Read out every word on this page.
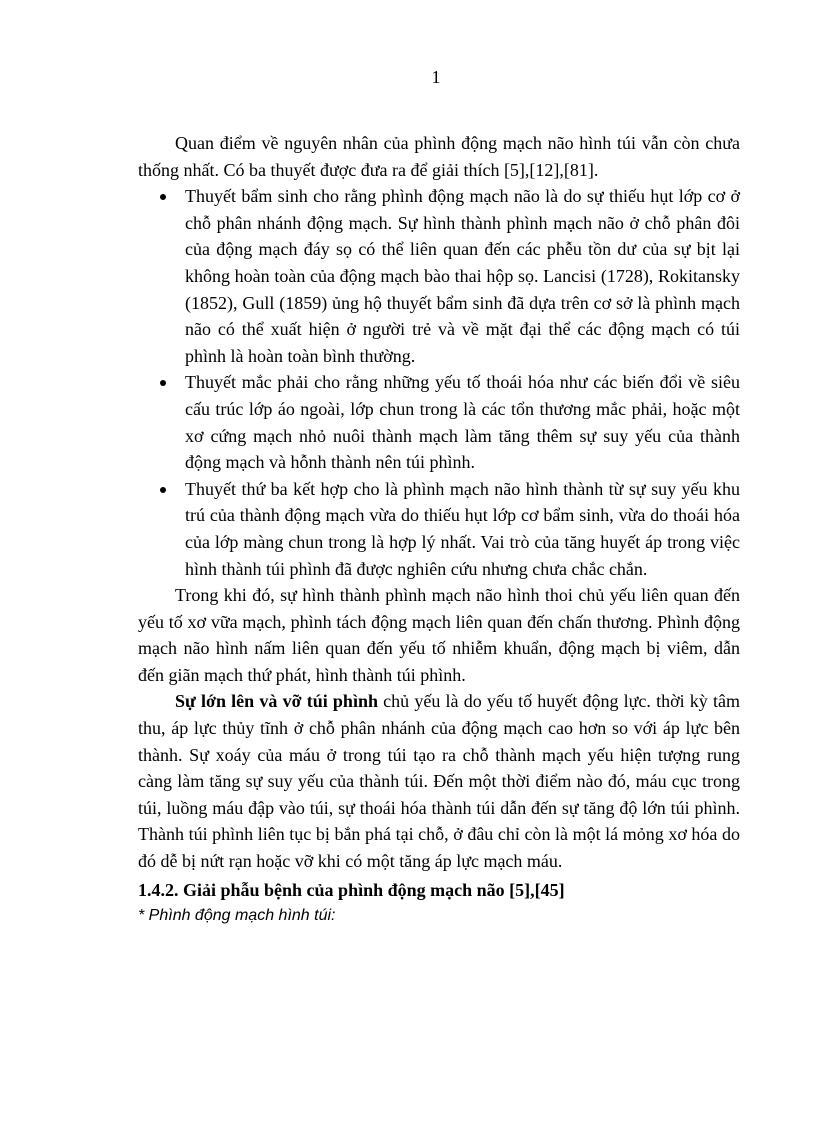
1

Quan điểm về nguyên nhân của phình động mạch não hình túi vẫn còn chưa thống nhất. Có ba thuyết được đưa ra để giải thích [5],[12],[81].

Thuyết bẩm sinh cho rằng phình động mạch não là do sự thiếu hụt lớp cơ ở chỗ phân nhánh động mạch. Sự hình thành phình mạch não ở chỗ phân đôi của động mạch đáy sọ có thể liên quan đến các phễu tồn dư của sự bịt lại không hoàn toàn của động mạch bào thai hộp sọ. Lancisi (1728), Rokitansky (1852), Gull (1859) ủng hộ thuyết bẩm sinh đã dựa trên cơ sở là phình mạch não có thể xuất hiện ở người trẻ và về mặt đại thể các động mạch có túi phình là hoàn toàn bình thường.
Thuyết mắc phải cho rằng những yếu tố thoái hóa như các biến đổi về siêu cấu trúc lớp áo ngoài, lớp chun trong là các tổn thương mắc phải, hoặc một xơ cứng mạch nhỏ nuôi thành mạch làm tăng thêm sự suy yếu của thành động mạch và hỗnh thành nên túi phình.
Thuyết thứ ba kết hợp cho là phình mạch não hình thành từ sự suy yếu khu trú của thành động mạch vừa do thiếu hụt lớp cơ bẩm sinh, vừa do thoái hóa của lớp màng chun trong là hợp lý nhất. Vai trò của tăng huyết áp trong việc hình thành túi phình đã được nghiên cứu nhưng chưa chắc chắn.

Trong khi đó, sự hình thành phình mạch não hình thoi chủ yếu liên quan đến yếu tố xơ vữa mạch, phình tách động mạch liên quan đến chấn thương. Phình động mạch não hình nấm liên quan đến yếu tố nhiễm khuẩn, động mạch bị viêm, dẫn đến giãn mạch thứ phát, hình thành túi phình.

Sự lớn lên và vỡ túi phình chủ yếu là do yếu tố huyết động lực. thời kỳ tâm thu, áp lực thủy tĩnh ở chỗ phân nhánh của động mạch cao hơn so với áp lực bên thành. Sự xoáy của máu ở trong túi tạo ra chỗ thành mạch yếu hiện tượng rung càng làm tăng sự suy yếu của thành túi. Đến một thời điểm nào đó, máu cục trong túi, luồng máu đập vào túi, sự thoái hóa thành túi dẫn đến sự tăng độ lớn túi phình. Thành túi phình liên tục bị bắn phá tại chỗ, ở đâu chỉ còn là một lá mỏng xơ hóa do đó dễ bị nứt rạn hoặc vỡ khi có một tăng áp lực mạch máu.

1.4.2. Giải phẫu bệnh của phình động mạch não [5],[45]

* Phình động mạch hình túi:
